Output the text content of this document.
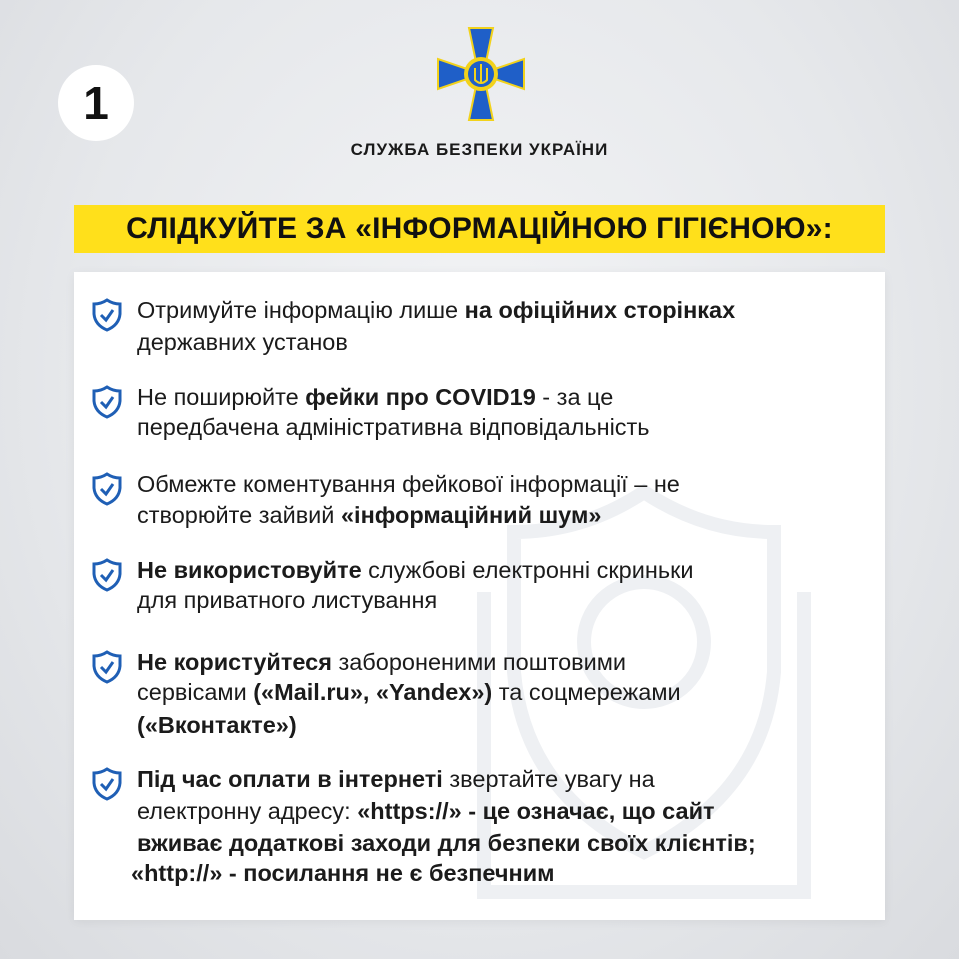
1
СЛУЖБА БЕЗПЕКИ УКРАЇНИ
СЛІДКУЙТЕ ЗА «ІНФОРМАЦІЙНОЮ ГІГІЄНОЮ»:
Отримуйте інформацію лише на офіційних сторінках
державних установ
Не поширюйте фейки про COVID19 - за це
передбачена адміністративна відповідальність
Обмежте коментування фейкової інформації – не
створюйте зайвий «інформаційний шум»
Не використовуйте службові електронні скриньки
для приватного листування
Не користуйтеся забороненими поштовими
сервісами («Mail.ru», «Yandex») та соцмережами
(«Вконтакте»)
Під час оплати в інтернеті звертайте увагу на
електронну адресу: «https://» - це означає, що сайт
вживає додаткові заходи для безпеки своїх клієнтів;
«http://» - посилання не є безпечним
